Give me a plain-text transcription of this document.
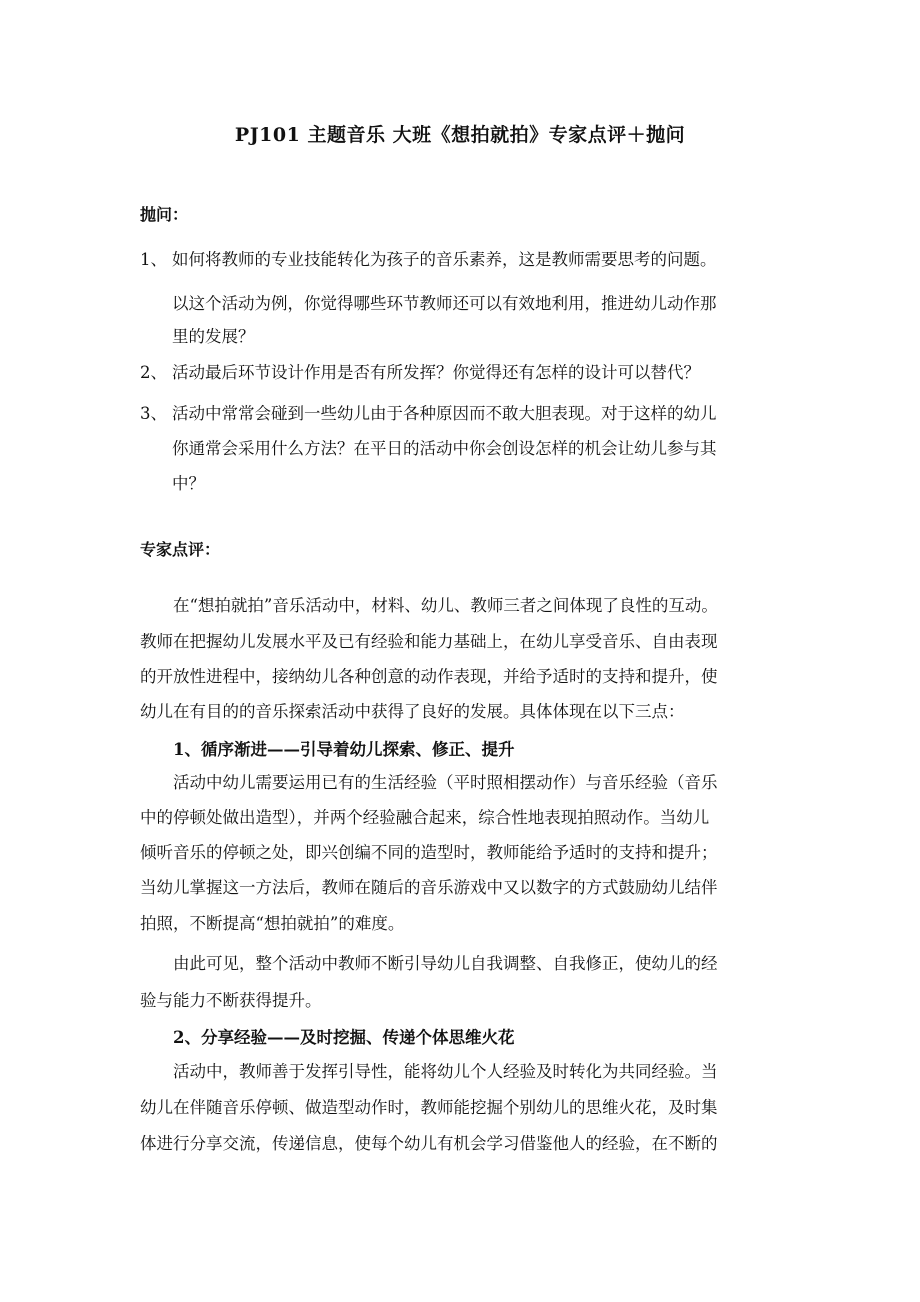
PJ101 主题音乐 大班《想拍就拍》专家点评＋抛问
抛问：
1、 如何将教师的专业技能转化为孩子的音乐素养，这是教师需要思考的问题。
以这个活动为例，你觉得哪些环节教师还可以有效地利用，推进幼儿动作那
里的发展？
2、 活动最后环节设计作用是否有所发挥？你觉得还有怎样的设计可以替代？
3、 活动中常常会碰到一些幼儿由于各种原因而不敢大胆表现。对于这样的幼儿
你通常会采用什么方法？在平日的活动中你会创设怎样的机会让幼儿参与其
中？
专家点评：
在“想拍就拍”音乐活动中，材料、幼儿、教师三者之间体现了良性的互动。
教师在把握幼儿发展水平及已有经验和能力基础上，在幼儿享受音乐、自由表现
的开放性进程中，接纳幼儿各种创意的动作表现，并给予适时的支持和提升，使
幼儿在有目的的音乐探索活动中获得了良好的发展。具体体现在以下三点：
1、循序渐进——引导着幼儿探索、修正、提升
活动中幼儿需要运用已有的生活经验（平时照相摆动作）与音乐经验（音乐
中的停顿处做出造型），并两个经验融合起来，综合性地表现拍照动作。当幼儿
倾听音乐的停顿之处，即兴创编不同的造型时，教师能给予适时的支持和提升；
当幼儿掌握这一方法后，教师在随后的音乐游戏中又以数字的方式鼓励幼儿结伴
拍照，不断提高“想拍就拍”的难度。
由此可见，整个活动中教师不断引导幼儿自我调整、自我修正，使幼儿的经
验与能力不断获得提升。
2、分享经验——及时挖掘、传递个体思维火花
活动中，教师善于发挥引导性，能将幼儿个人经验及时转化为共同经验。当
幼儿在伴随音乐停顿、做造型动作时，教师能挖掘个别幼儿的思维火花，及时集
体进行分享交流，传递信息，使每个幼儿有机会学习借鉴他人的经验，在不断的
